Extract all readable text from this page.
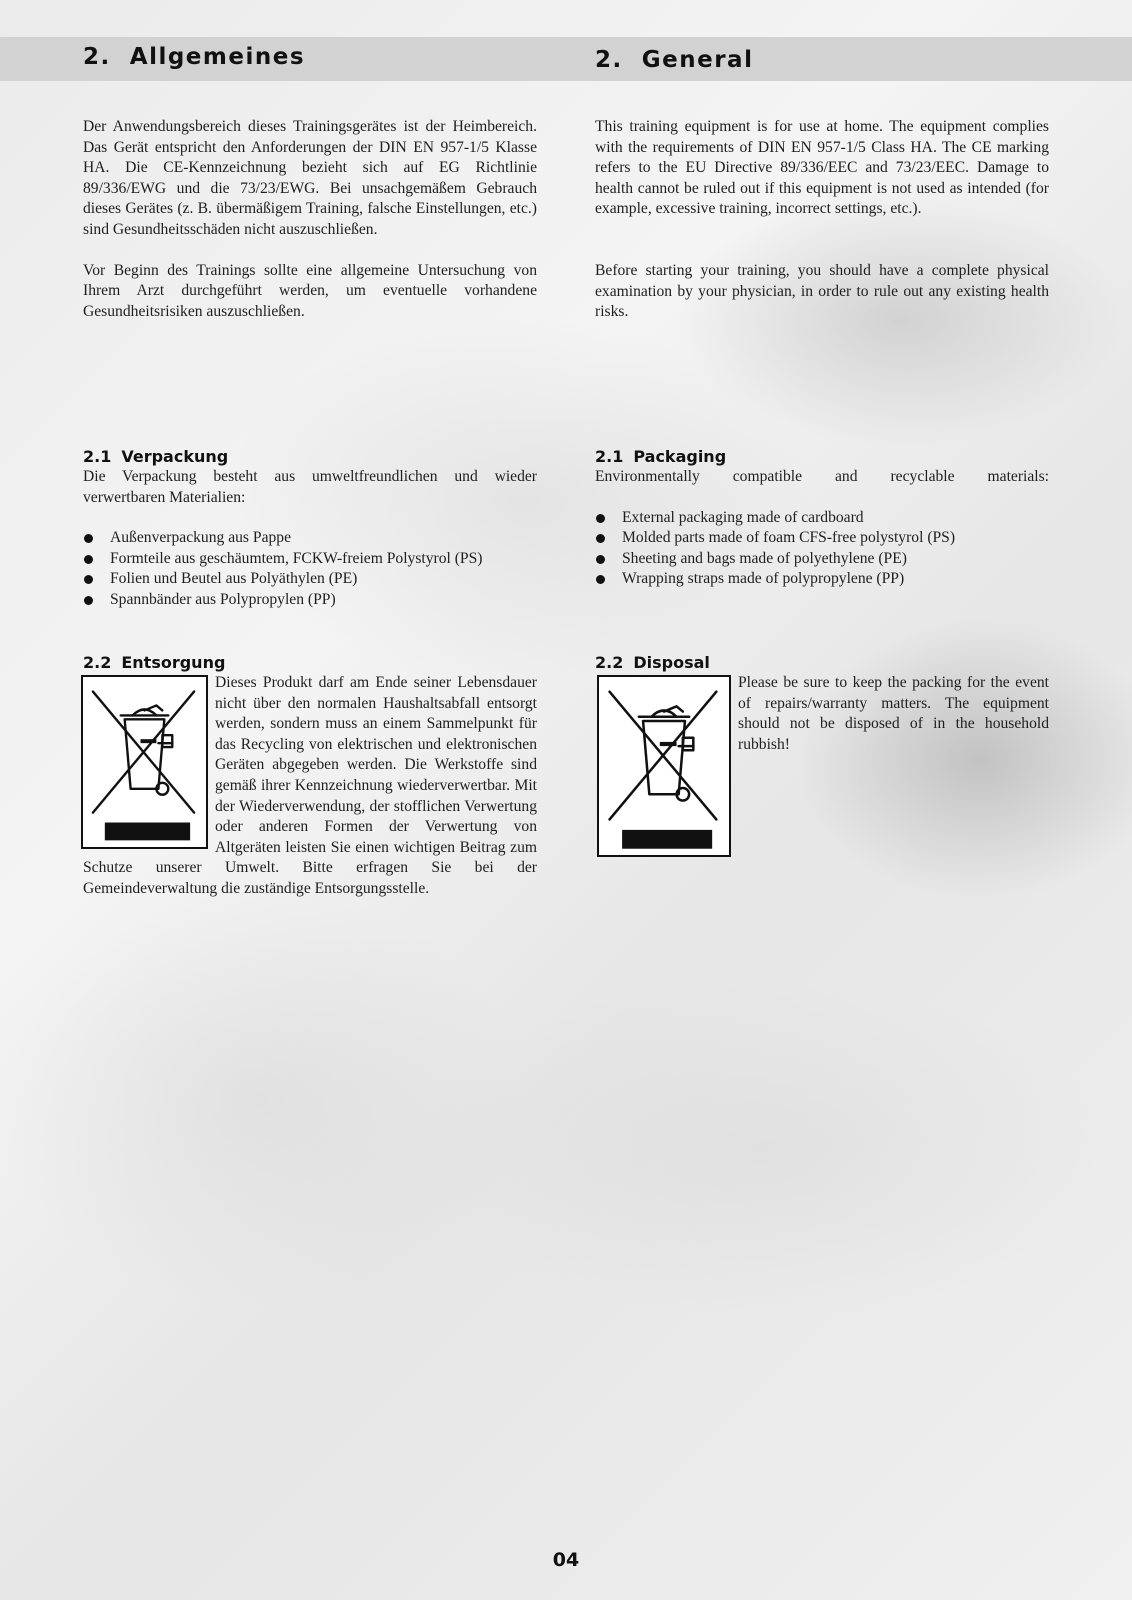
2. Allgemeines	2. General

Der Anwendungsbereich dieses Trainingsgerätes ist der Heimbereich. Das Gerät entspricht den Anforderungen der DIN EN 957-1/5 Klasse HA. Die CE-Kennzeichnung bezieht sich auf EG Richtlinie 89/336/EWG und die 73/23/EWG. Bei unsachgemäßem Gebrauch dieses Gerätes (z. B. übermäßigem Training, falsche Einstellungen, etc.) sind Gesundheitsschäden nicht auszuschließen.

Vor Beginn des Trainings sollte eine allgemeine Untersuchung von Ihrem Arzt durchgeführt werden, um eventuelle vorhandene Gesundheitsrisiken auszuschließen.

2.1 Verpackung

Die Verpackung besteht aus umweltfreundlichen und wieder verwertbaren Materialien:

Außenverpackung aus Pappe
Formteile aus geschäumtem, FCKW-freiem Polystyrol (PS)
Folien und Beutel aus Polyäthylen (PE)
Spannbänder aus Polypropylen (PP)
2.2 Entsorgung

Dieses Produkt darf am Ende seiner Lebensdauer nicht über den normalen Haushaltsabfall entsorgt werden, sondern muss an einem Sammelpunkt für das Recycling von elektrischen und elektronischen Geräten abgegeben werden. Die Werkstoffe sind gemäß ihrer Kennzeichnung wiederverwertbar. Mit der Wiederverwendung, der stofflichen Verwertung oder anderen Formen der Verwertung von Altgeräten leisten Sie einen wichtigen Beitrag zum Schutze unserer Umwelt. Bitte erfragen Sie bei der Gemeindeverwaltung die zuständige Entsorgungsstelle.

This training equipment is for use at home. The equipment complies with the requirements of DIN EN 957-1/5 Class HA. The CE marking refers to the EU Directive 89/336/EEC and 73/23/EEC. Damage to health cannot be ruled out if this equipment is not used as intended (for example, excessive training, incorrect settings, etc.).

Before starting your training, you should have a complete physical examination by your physician, in order to rule out any existing health risks.

2.1 Packaging

Environmentally compatible and recyclable materials:

External packaging made of cardboard
Molded parts made of foam CFS-free polystyrol (PS)
Sheeting and bags made of polyethylene (PE)
Wrapping straps made of polypropylene (PP)
2.2 Disposal

Please be sure to keep the packing for the event of repairs/warranty matters. The equipment should not be disposed of in the household rubbish!

04
